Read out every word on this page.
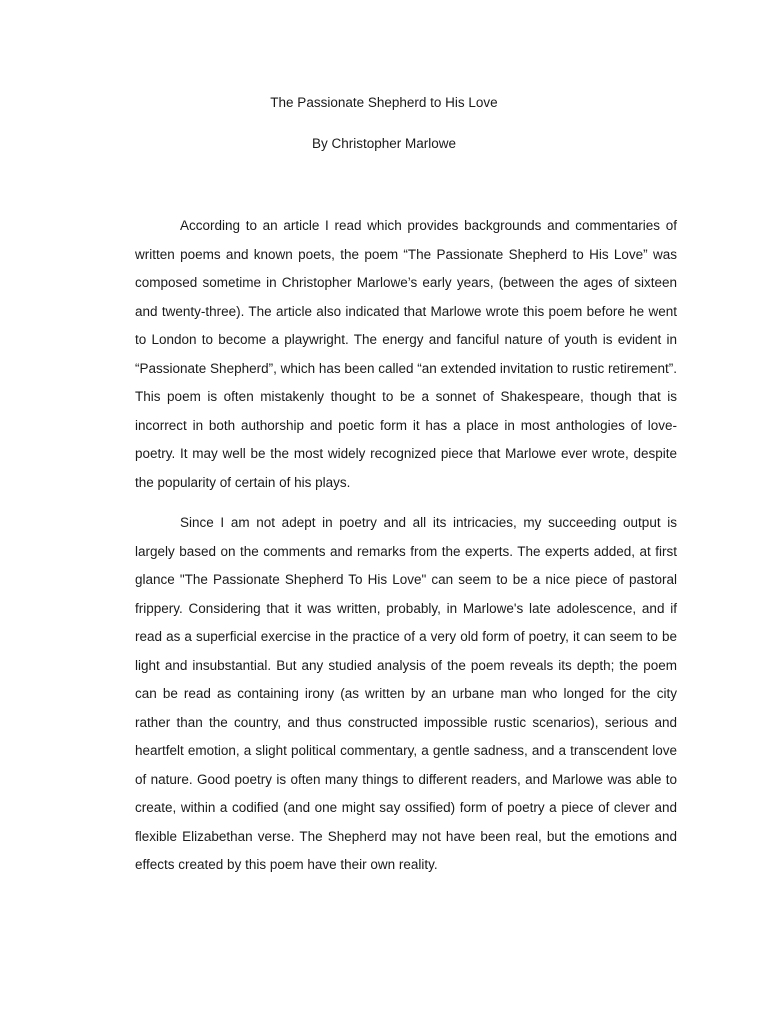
The Passionate Shepherd to His Love
By Christopher Marlowe

According to an article I read which provides backgrounds and commentaries of written poems and known poets, the poem “The Passionate Shepherd to His Love” was composed sometime in Christopher Marlowe’s early years, (between the ages of sixteen and twenty-three). The article also indicated that Marlowe wrote this poem before he went to London to become a playwright. The energy and fanciful nature of youth is evident in “Passionate Shepherd”, which has been called “an extended invitation to rustic retirement”. This poem is often mistakenly thought to be a sonnet of Shakespeare, though that is incorrect in both authorship and poetic form it has a place in most anthologies of love-poetry. It may well be the most widely recognized piece that Marlowe ever wrote, despite the popularity of certain of his plays.

Since I am not adept in poetry and all its intricacies, my succeeding output is largely based on the comments and remarks from the experts. The experts added, at first glance "The Passionate Shepherd To His Love" can seem to be a nice piece of pastoral frippery. Considering that it was written, probably, in Marlowe's late adolescence, and if read as a superficial exercise in the practice of a very old form of poetry, it can seem to be light and insubstantial. But any studied analysis of the poem reveals its depth; the poem can be read as containing irony (as written by an urbane man who longed for the city rather than the country, and thus constructed impossible rustic scenarios), serious and heartfelt emotion, a slight political commentary, a gentle sadness, and a transcendent love of nature. Good poetry is often many things to different readers, and Marlowe was able to create, within a codified (and one might say ossified) form of poetry a piece of clever and flexible Elizabethan verse. The Shepherd may not have been real, but the emotions and effects created by this poem have their own reality.
